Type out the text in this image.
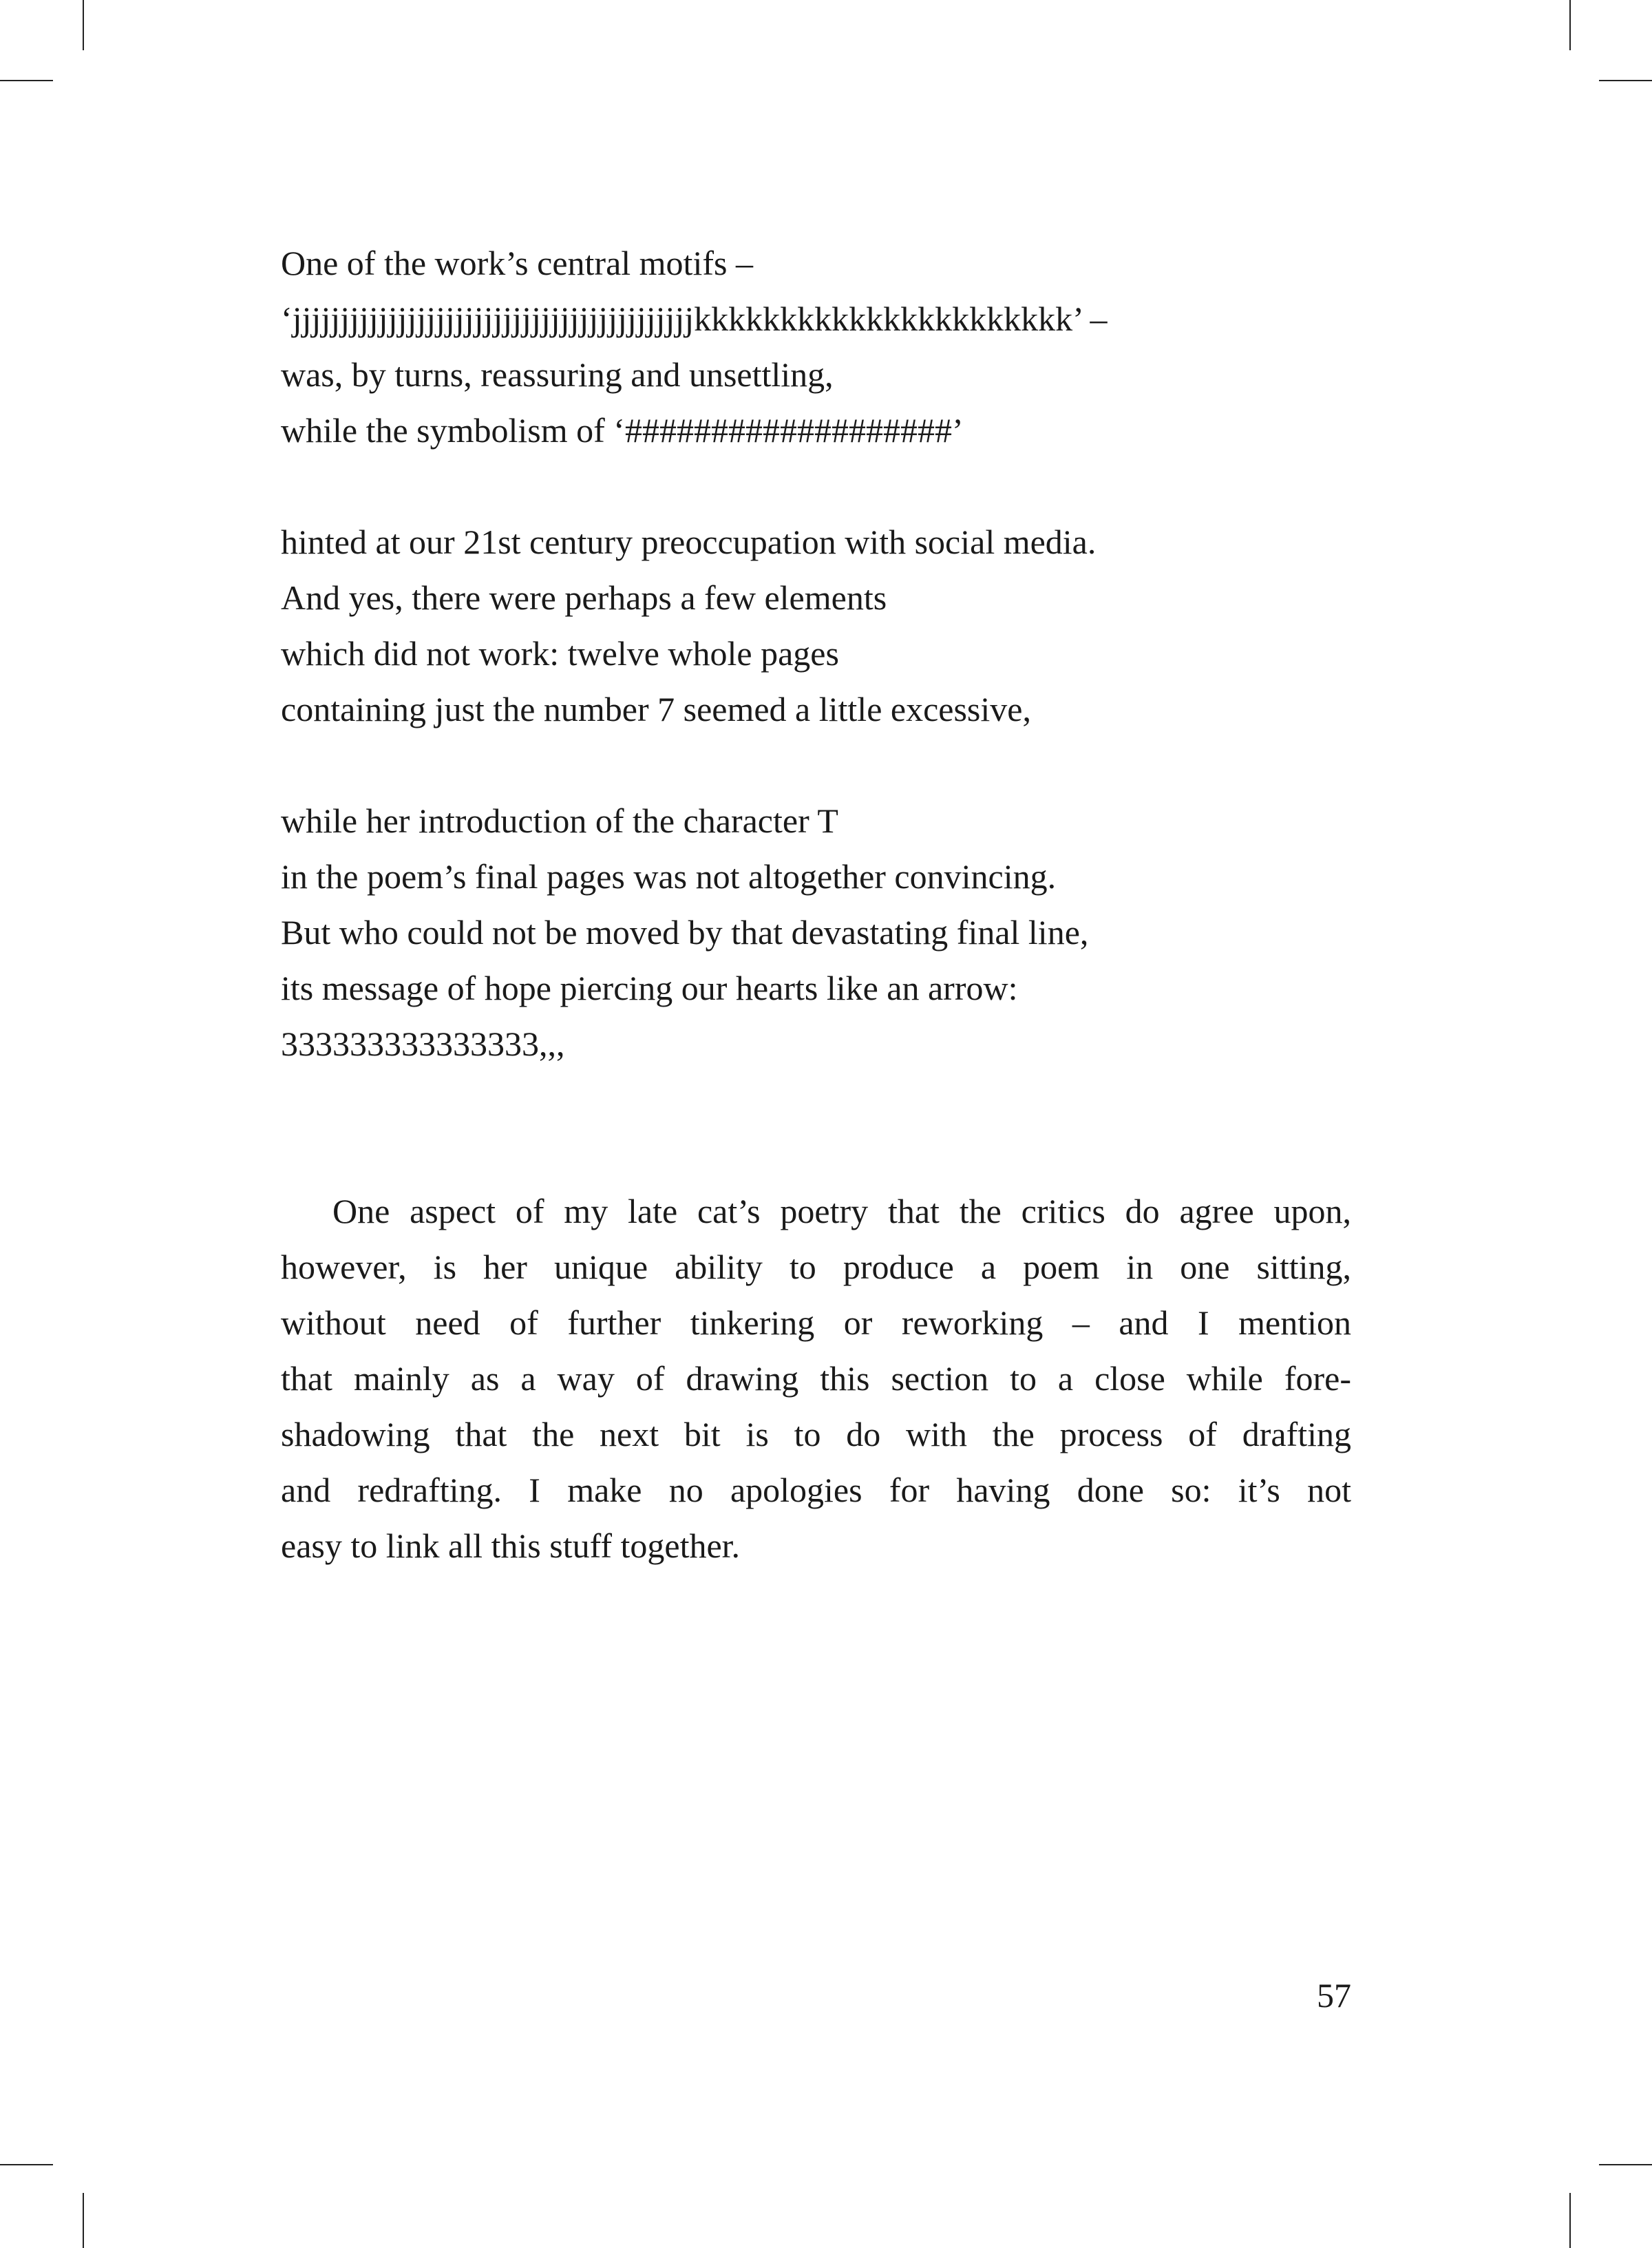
One of the work’s central motifs –
‘jjjjjjjjjjjjjjjjjjjjjjjjjjjjjjjjjjjjjjjjjjkkkkkkkkkkkkkkkkkkkkkk’ –
was, by turns, reassuring and unsettling,
while the symbolism of ‘###################’
hinted at our 21st century preoccupation with social media.
And yes, there were perhaps a few elements
which did not work: twelve whole pages
containing just the number 7 seemed a little excessive,
while her introduction of the character T
in the poem’s final pages was not altogether convincing.
But who could not be moved by that devastating final line,
its message of hope piercing our hearts like an arrow:
333333333333333,,,
One aspect of my late cat’s poetry that the critics do agree upon,
however, is her unique ability to produce a poem in one sitting,
without need of further tinkering or reworking – and I mention
that mainly as a way of drawing this section to a close while fore-
shadowing that the next bit is to do with the process of drafting
and redrafting. I make no apologies for having done so: it’s not
easy to link all this stuff together.
57
